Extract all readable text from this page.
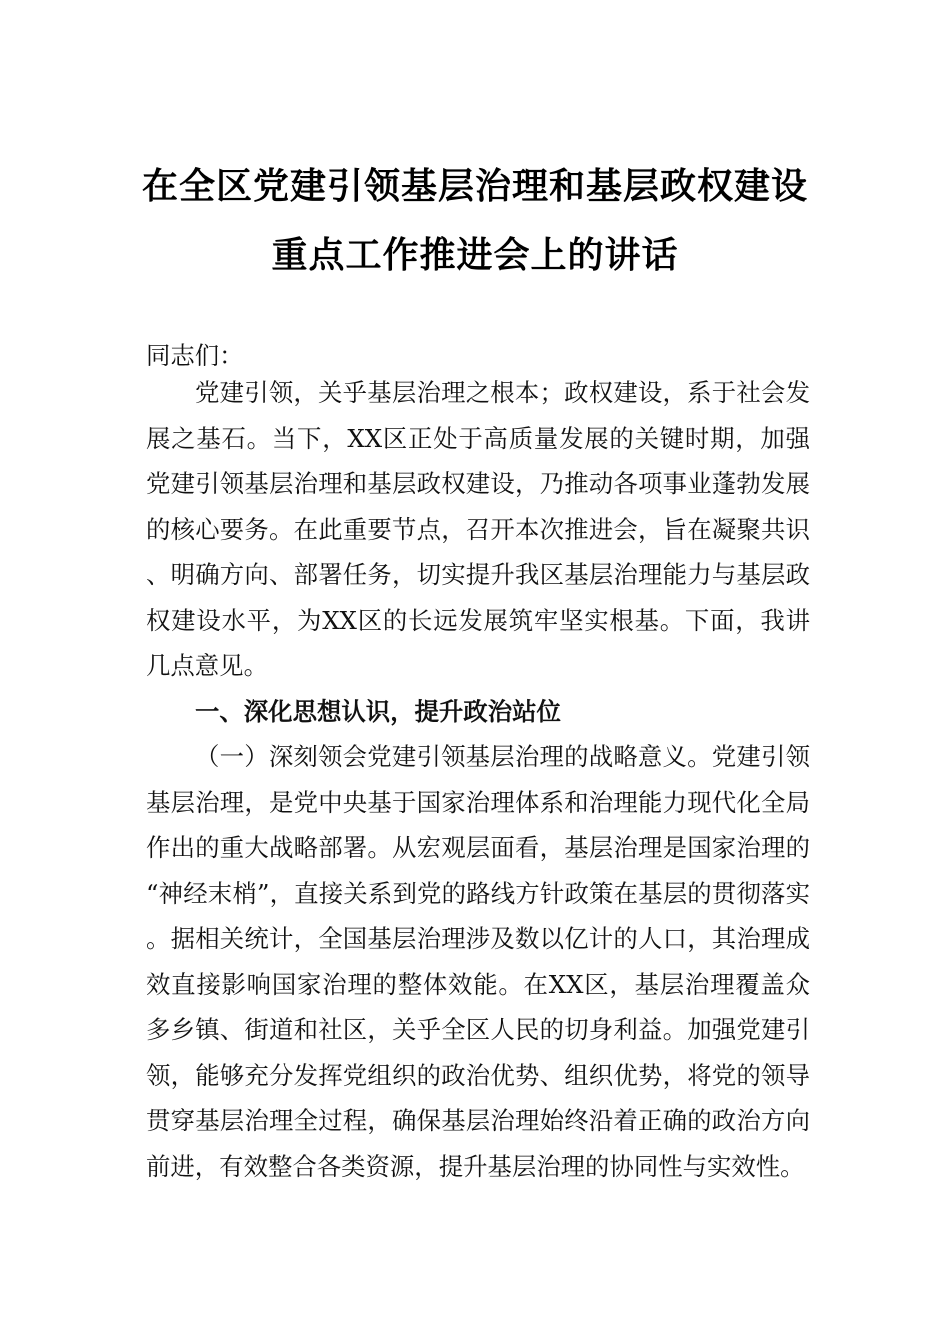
在全区党建引领基层治理和基层政权建设
重点工作推进会上的讲话
同志们：

党建引领，关乎基层治理之根本；政权建设，系于社会发展之基石。当下，XX区正处于高质量发展的关键时期，加强党建引领基层治理和基层政权建设，乃推动各项事业蓬勃发展的核心要务。在此重要节点，召开本次推进会，旨在凝聚共识、明确方向、部署任务，切实提升我区基层治理能力与基层政权建设水平，为XX区的长远发展筑牢坚实根基。下面，我讲几点意见。

一、深化思想认识，提升政治站位

（一）深刻领会党建引领基层治理的战略意义。党建引领基层治理，是党中央基于国家治理体系和治理能力现代化全局作出的重大战略部署。从宏观层面看，基层治理是国家治理的“神经末梢”，直接关系到党的路线方针政策在基层的贯彻落实。据相关统计，全国基层治理涉及数以亿计的人口，其治理成效直接影响国家治理的整体效能。在XX区，基层治理覆盖众多乡镇、街道和社区，关乎全区人民的切身利益。加强党建引领，能够充分发挥党组织的政治优势、组织优势，将党的领导贯穿基层治理全过程，确保基层治理始终沿着正确的政治方向前进，有效整合各类资源，提升基层治理的协同性与实效性。
